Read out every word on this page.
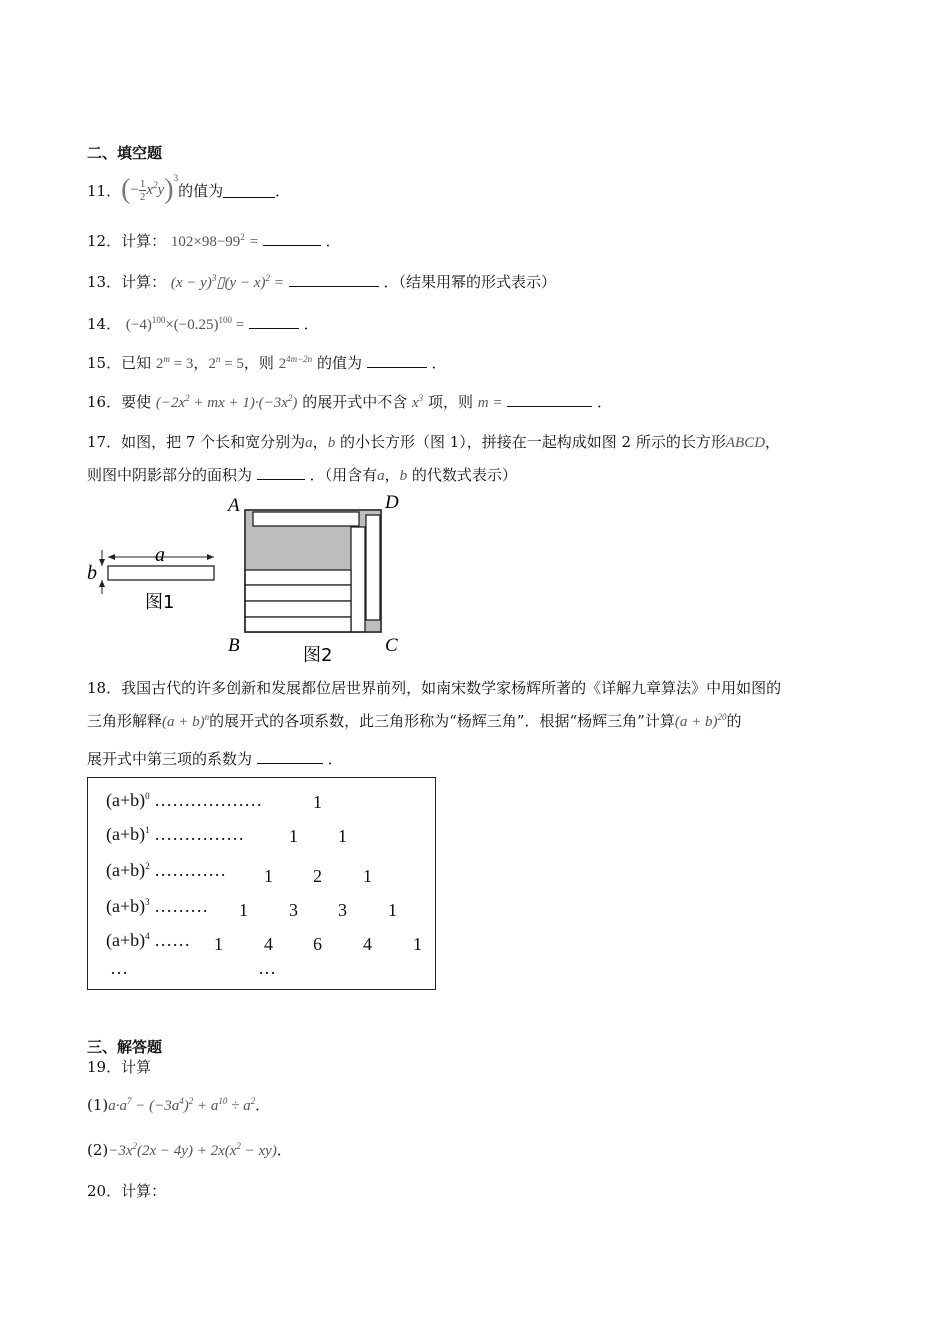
二、填空题
11． ( − $\frac{1}{2} x^2y$ )$^3$
的值为	．
12．计算： $102\times 98-99^2$ =	．
13．计算： $(x - y)^3▯(y - x)^2$ =	．（结果用幂的形式表示）
14． $(-4)^{100}\times(-0.25)^{100}$ =	．
15．已知 $2^m = 3$，$2^n = 5$，则 $2^{4m-2n}$ 的值为	．
16．要使 ($-2x^2$ + mx + $1)\cdot(-3x^2)$ 的展开式中不含 $x^3$ 项，则 m =	．
17．如图，把 7 个长和宽分别为a，b 的小长方形（图 1），拼接在一起构成如图 2 所示的长方形ABCD，
则图中阴影部分的面积为	．（用含有a，b 的代数式表示）
a
b
图1
A	D
B	C
图2
18．我国古代的许多创新和发展都位居世界前列，如南宋数学家杨辉所著的《详解九章算法》中用如图的
三角形解释$(a + b)^n$的展开式的各项系数，此三角形称为“杨辉三角”．根据“杨辉三角”计算$(a + b)^{20}$的
展开式中第三项的系数为	．
$(a+b)^0$ ………………	1
$(a+b)^1$ …………… 1 1
$(a+b)^2$ ………… 1 2 1
$(a+b)^3$ ……… 1 3 3 1
$(a+b)^4$ …… 1 4 6 4 1
…	…
三、解答题
19．计算
$(1)a\cdot a^7 - (-3a^4)^2 + a^{10} \div a^2$．
$(2)-3x^2(2x - 4y) + 2x(x^2 - xy)$．
20．计算：
